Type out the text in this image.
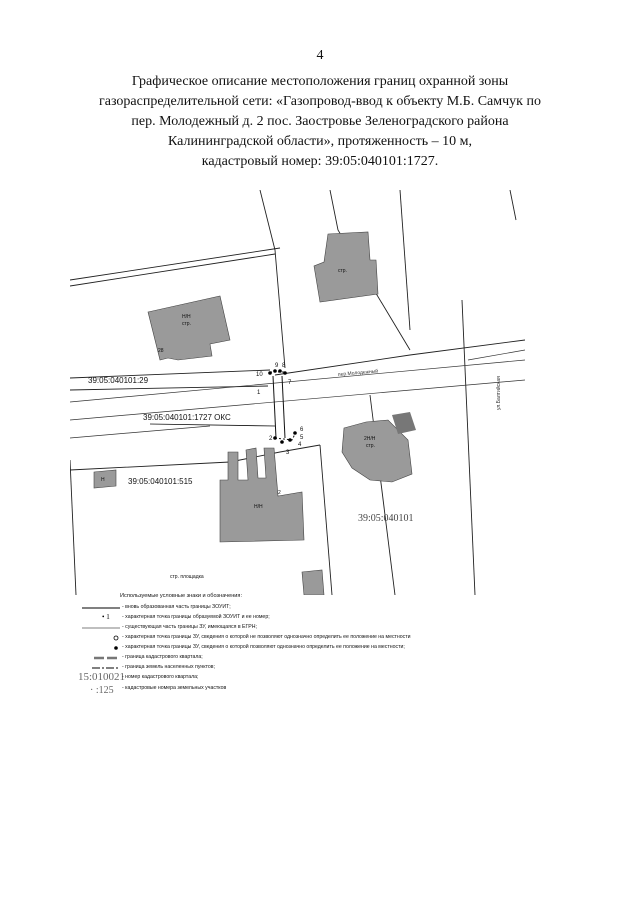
4
Графическое описание местоположения границ охранной зоны
газораспределительной сети: «Газопровод-ввод к объекту М.Б. Самчук по
пер. Молодежный д. 2 пос. Заостровье Зеленоградского района
Калининградской области», протяженность – 10 м,
кадастровый номер: 39:05:040101:1727.
39:05:040101:29
39:05:040101:1727 ОКС
39:05:040101:515
39:05:040101
пер.Молодежный
ул.Балтийская
Н/Н
стр.
стр.
2Н/Н
стр.
Н/Н
28
2
Н
стр. площадка
1
2
3
4
5
6
7
8
9
10
Используемые условные знаки и обозначения:
- вновь образованная часть границы ЗОУИТ;
• 1 - характерная точка границы образуемой ЗОУИТ и ее номер;
- существующая часть границы ЗУ, имеющаяся в ЕГРН;
- характерная точка границы ЗУ, сведения о которой не позволяют однозначно определить ее положение на местности
- характерная точка границы ЗУ, сведения о которой позволяют однозначно определить ее положение на местности;
- граница кадастрового квартала;
- граница земель населенных пунктов;
15:010021
- номер кадастрового квартала;
· :125 - кадастровые номера земельных участков
